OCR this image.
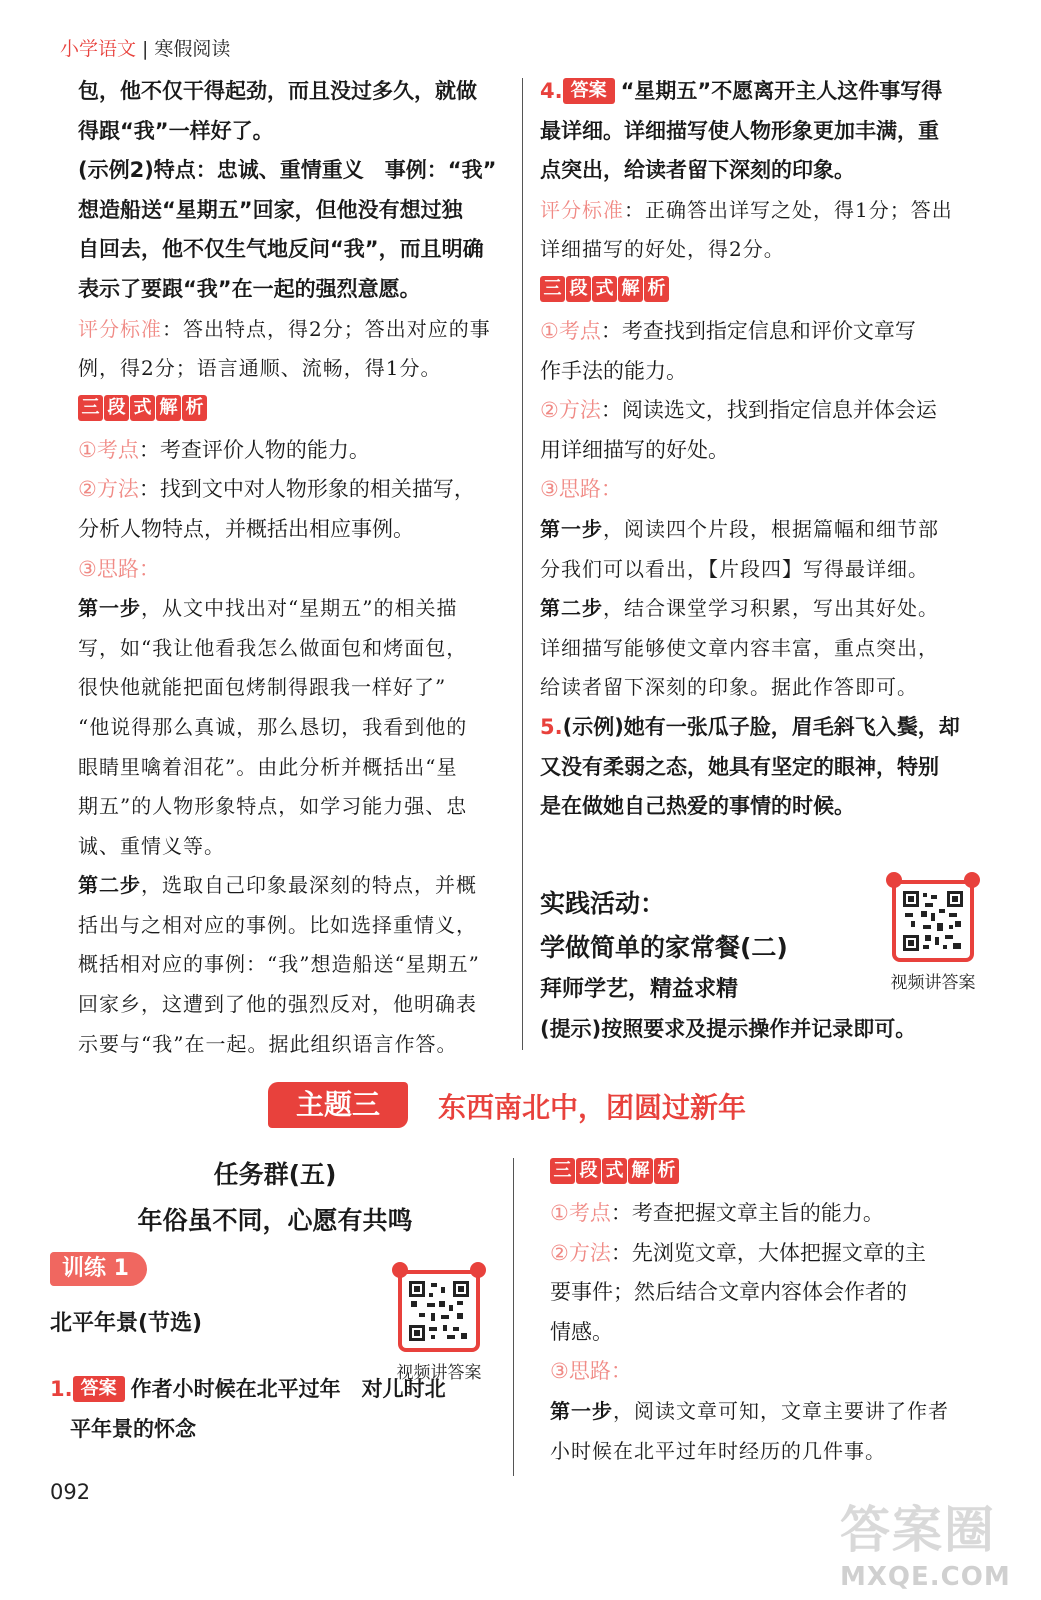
小学语文 | 寒假阅读

包，他不仅干得起劲，而且没过多久，就做

得跟“我”一样好了。

(示例2)特点：忠诚、重情重义　事例：“我”

想造船送“星期五”回家，但他没有想过独

自回去，他不仅生气地反问“我”，而且明确

表示了要跟“我”在一起的强烈意愿。

评分标准：答出特点，得2分；答出对应的事

例，得2分；语言通顺、流畅，得1分。

三 段 式 解 析

①考点：考查评价人物的能力。

②方法：找到文中对人物形象的相关描写，

分析人物特点，并概括出相应事例。

③思路：

第一步，从文中找出对“星期五”的相关描

写，如“我让他看我怎么做面包和烤面包，

很快他就能把面包烤制得跟我一样好了”

“他说得那么真诚，那么恳切，我看到他的

眼睛里噙着泪花”。由此分析并概括出“星

期五”的人物形象特点，如学习能力强、忠

诚、重情义等。

第二步，选取自己印象最深刻的特点，并概

括出与之相对应的事例。比如选择重情义，

概括相对应的事例：“我”想造船送“星期五”

回家乡，这遭到了他的强烈反对，他明确表

示要与“我”在一起。据此组织语言作答。

4. 答案 “星期五”不愿离开主人这件事写得

最详细。详细描写使人物形象更加丰满，重

点突出，给读者留下深刻的印象。

评分标准：正确答出详写之处，得1分；答出

详细描写的好处，得2分。

三 段 式 解 析

①考点：考查找到指定信息和评价文章写

作手法的能力。

②方法：阅读选文，找到指定信息并体会运

用详细描写的好处。

③思路：

第一步，阅读四个片段，根据篇幅和细节部

分我们可以看出，【片段四】写得最详细。

第二步，结合课堂学习积累，写出其好处。

详细描写能够使文章内容丰富，重点突出，

给读者留下深刻的印象。据此作答即可。

5.(示例)她有一张瓜子脸，眉毛斜飞入鬓，却

又没有柔弱之态，她具有坚定的眼神，特别

是在做她自己热爱的事情的时候。

实践活动：

学做简单的家常餐(二)

拜师学艺，精益求精

(提示)按照要求及提示操作并记录即可。

视频讲答案
主题三	东西南北中，团圆过新年

任务群(五)

年俗虽不同，心愿有共鸣

训练 1

北平年景(节选)

1. 答案 作者小时候在北平过年　对儿时北

平年景的怀念

视频讲答案
三 段 式 解 析

①考点：考查把握文章主旨的能力。

②方法：先浏览文章，大体把握文章的主

要事件；然后结合文章内容体会作者的

情感。

③思路：

第一步，阅读文章可知，文章主要讲了作者

小时候在北平过年时经历的几件事。

092
答案圈
MXQE.COM
